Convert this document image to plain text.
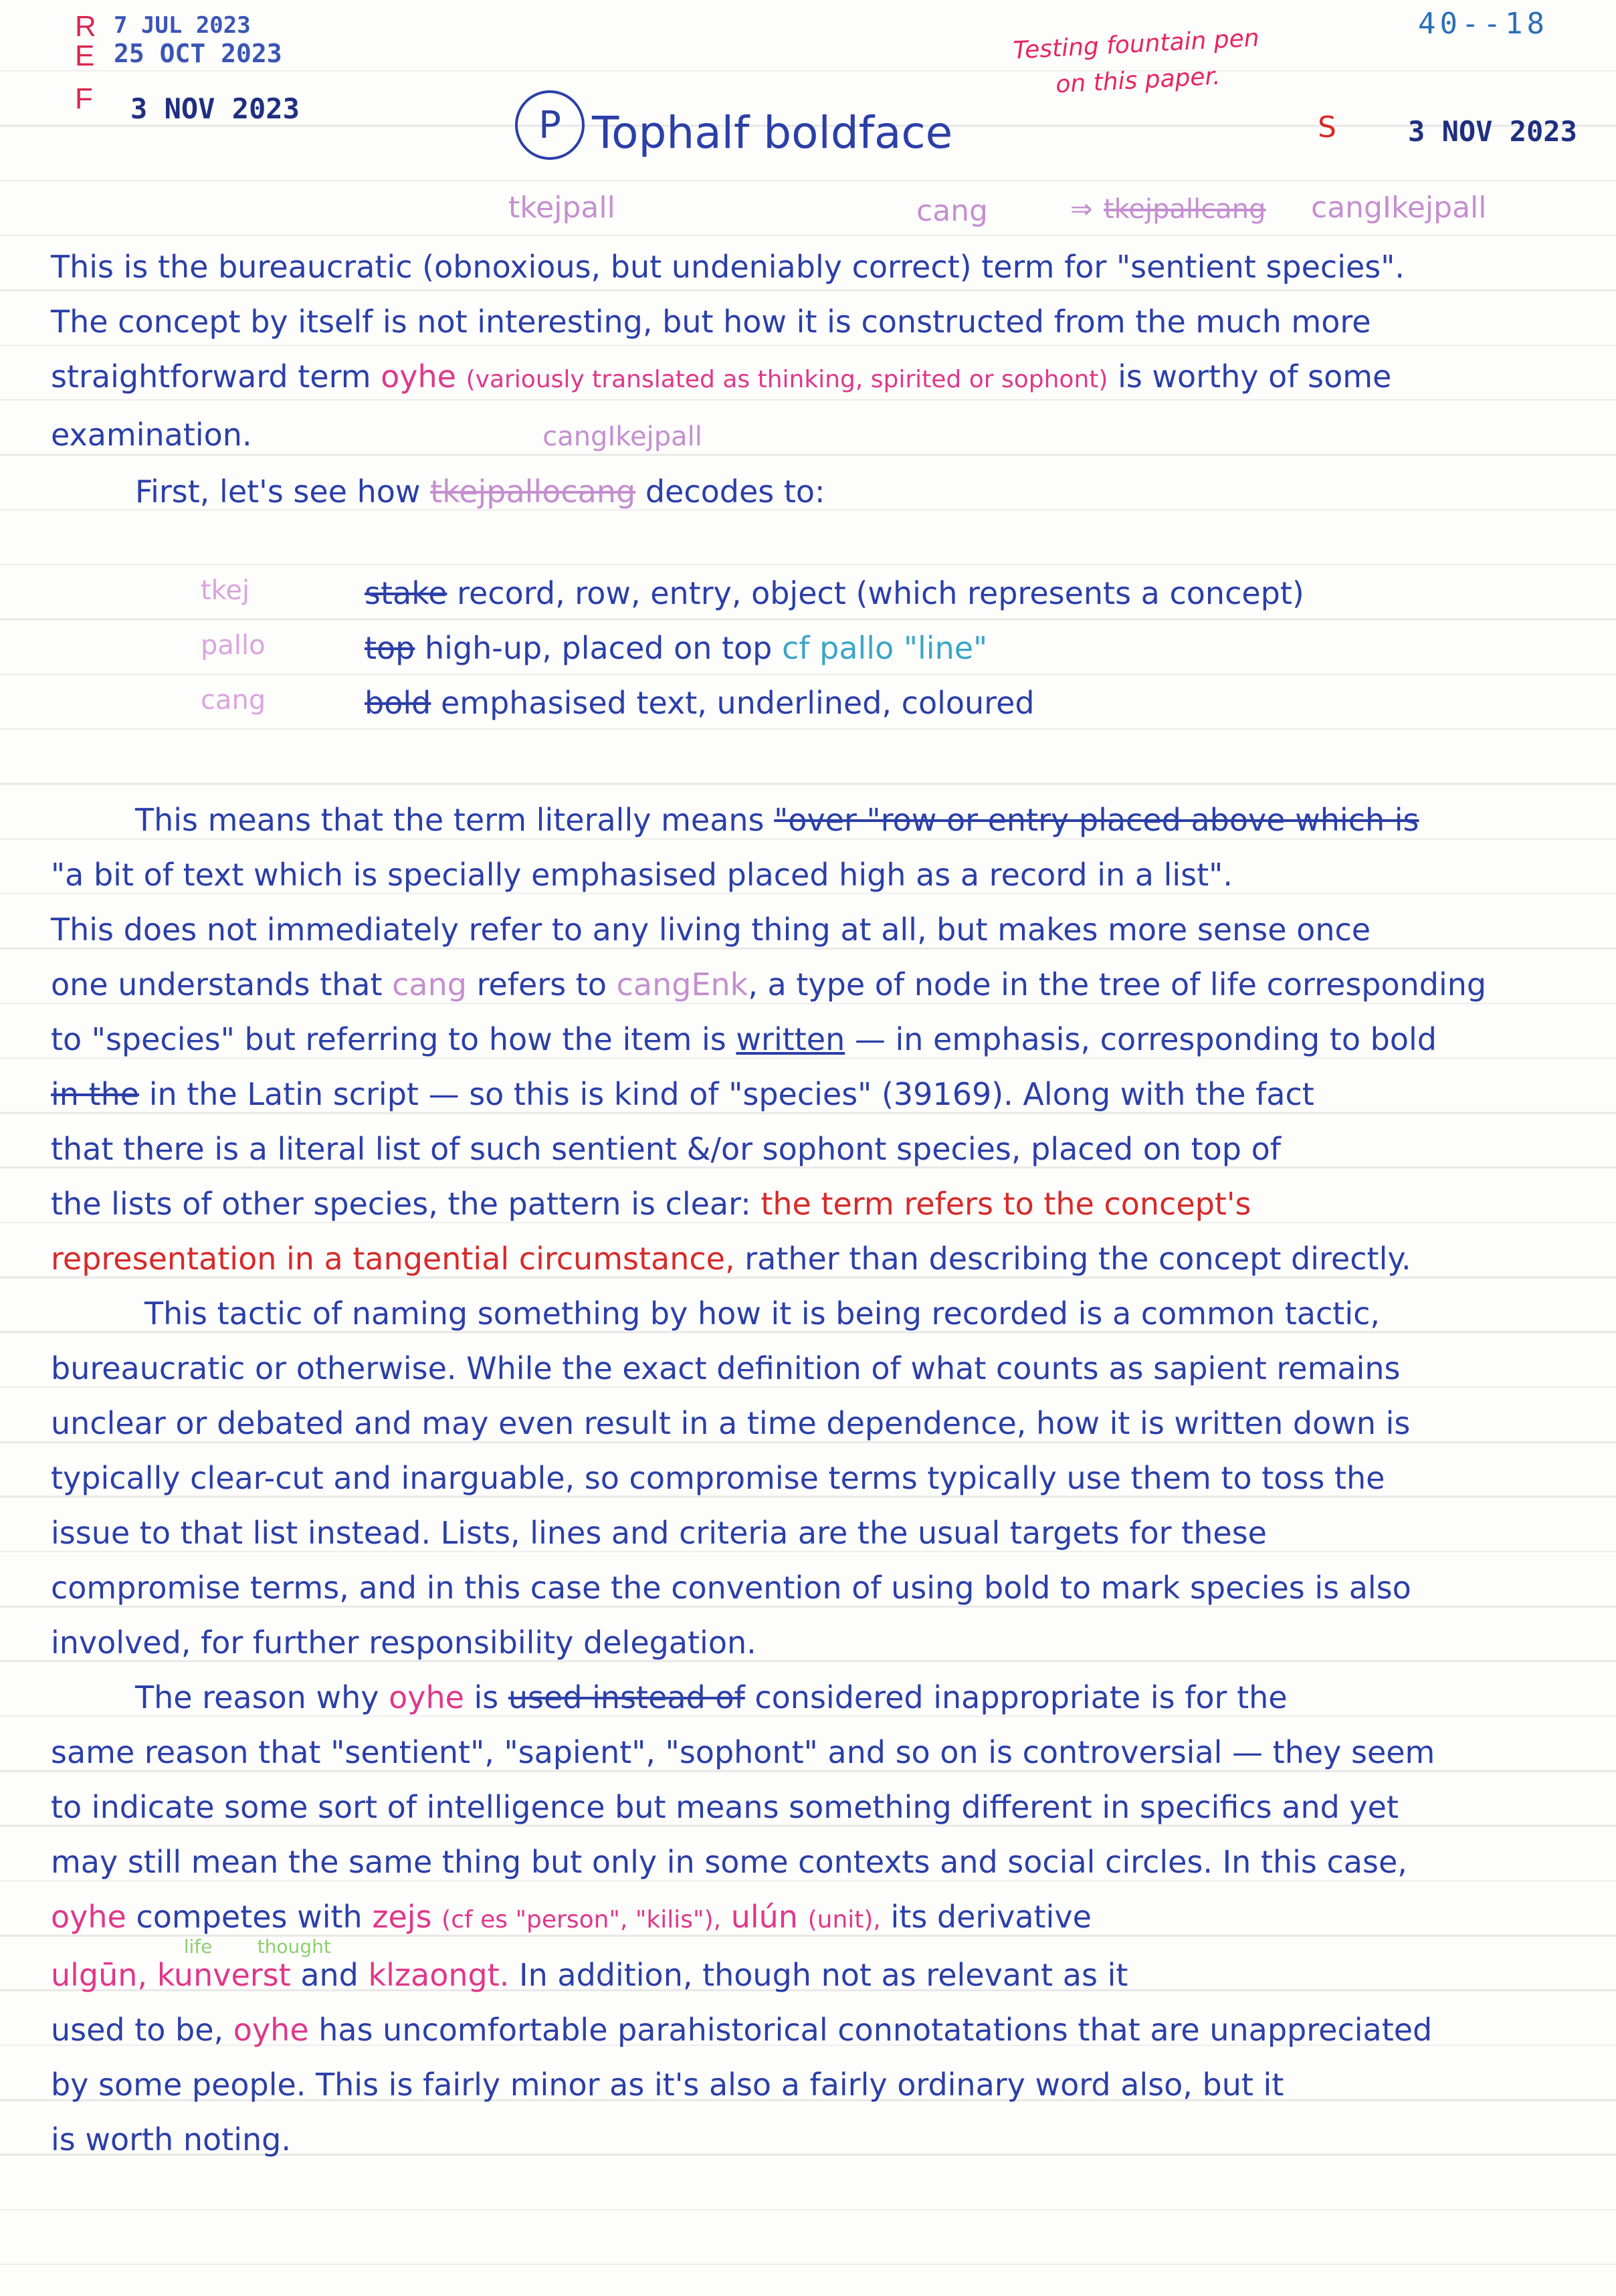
R
E
F
7 JUL 2023
25 OCT 2023
3 NOV 2023
40--18
Testing fountain pen
on this paper.
S	3 NOV 2023
P Tophalf boldface
tkejpall	cang	⇒ tkejpallcang cangIkejpall
This is the bureaucratic (obnoxious, but undeniably correct) term for "sentient species".
The concept by itself is not interesting, but how it is constructed from the much more
straightforward term oyhe (variously translated as thinking, spirited or sophont) is worthy of some
examination.	cangIkejpall
First, let's see how tkejpallocang decodes to:
tkej	stake record, row, entry, object (which represents a concept)
pallo	top high-up, placed on top cf pallo "line"
cang	bold emphasised text, underlined, coloured
This means that the term literally means "over "row or entry placed above which is
"a bit of text which is specially emphasised placed high as a record in a list".
This does not immediately refer to any living thing at all, but makes more sense once
one understands that cang refers to cangEnk, a type of node in the tree of life corresponding
to "species" but referring to how the item is written — in emphasis, corresponding to bold
in the in the Latin script — so this is kind of "species" (39169). Along with the fact
that there is a literal list of such sentient &/or sophont species, placed on top of
the lists of other species, the pattern is clear: the term refers to the concept's
representation in a tangential circumstance, rather than describing the concept directly.
This tactic of naming something by how it is being recorded is a common tactic,
bureaucratic or otherwise. While the exact definition of what counts as sapient remains
unclear or debated and may even result in a time dependence, how it is written down is
typically clear-cut and inarguable, so compromise terms typically use them to toss the
issue to that list instead. Lists, lines and criteria are the usual targets for these
compromise terms, and in this case the convention of using bold to mark species is also
involved, for further responsibility delegation.
The reason why oyhe is used instead of considered inappropriate is for the
same reason that "sentient", "sapient", "sophont" and so on is controversial — they seem
to indicate some sort of intelligence but means something different in specifics and yet
may still mean the same thing but only in some contexts and social circles. In this case,
oyhe competes with zejs (cf es "person", "kilis"), ulún (unit), its derivative
ulgūn,
life thought
kunverst and klzaongt. In addition, though not as relevant as it
used to be, oyhe has uncomfortable parahistorical connotatations that are unappreciated
by some people. This is fairly minor as it's also a fairly ordinary word also, but it
is worth noting.
